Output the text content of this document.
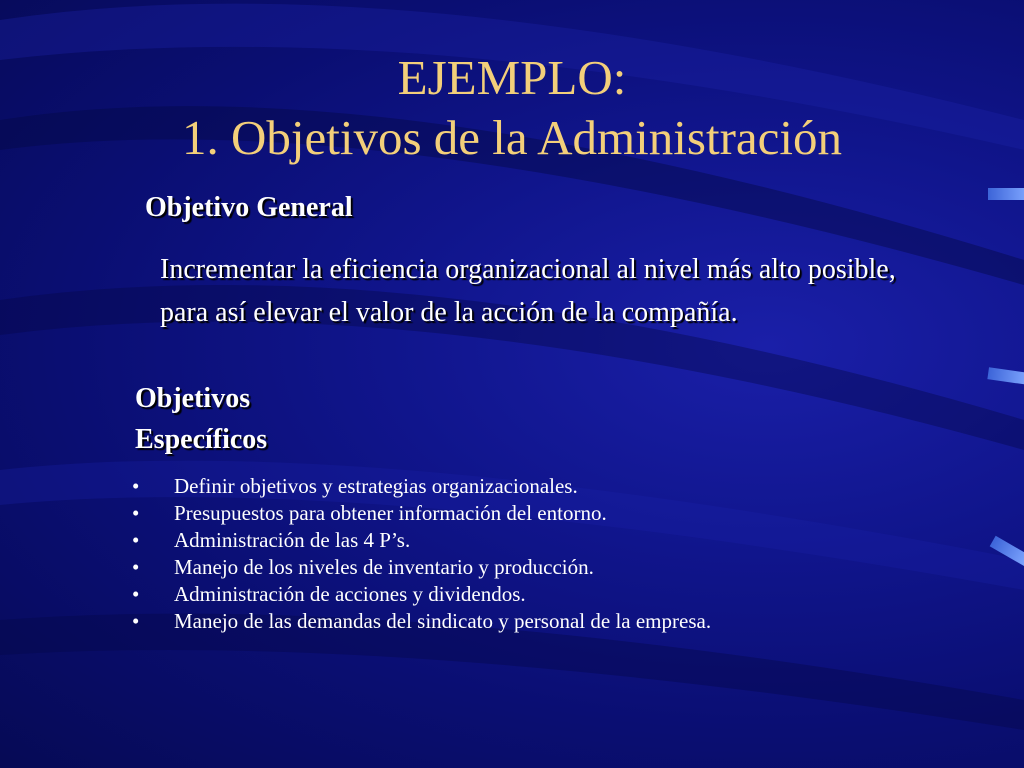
EJEMPLO:
1. Objetivos de la Administración
Objetivo General
Incrementar la eficiencia organizacional al nivel más alto posible, para así elevar el valor de la acción de la compañía.
Objetivos
Específicos
•	Definir objetivos y estrategias organizacionales.
•	Presupuestos para obtener información del entorno.
•	Administración de las 4 P’s.
•	Manejo de los niveles de inventario y producción.
•	Administración de acciones y dividendos.
•	Manejo de las demandas del sindicato y personal de la empresa.
